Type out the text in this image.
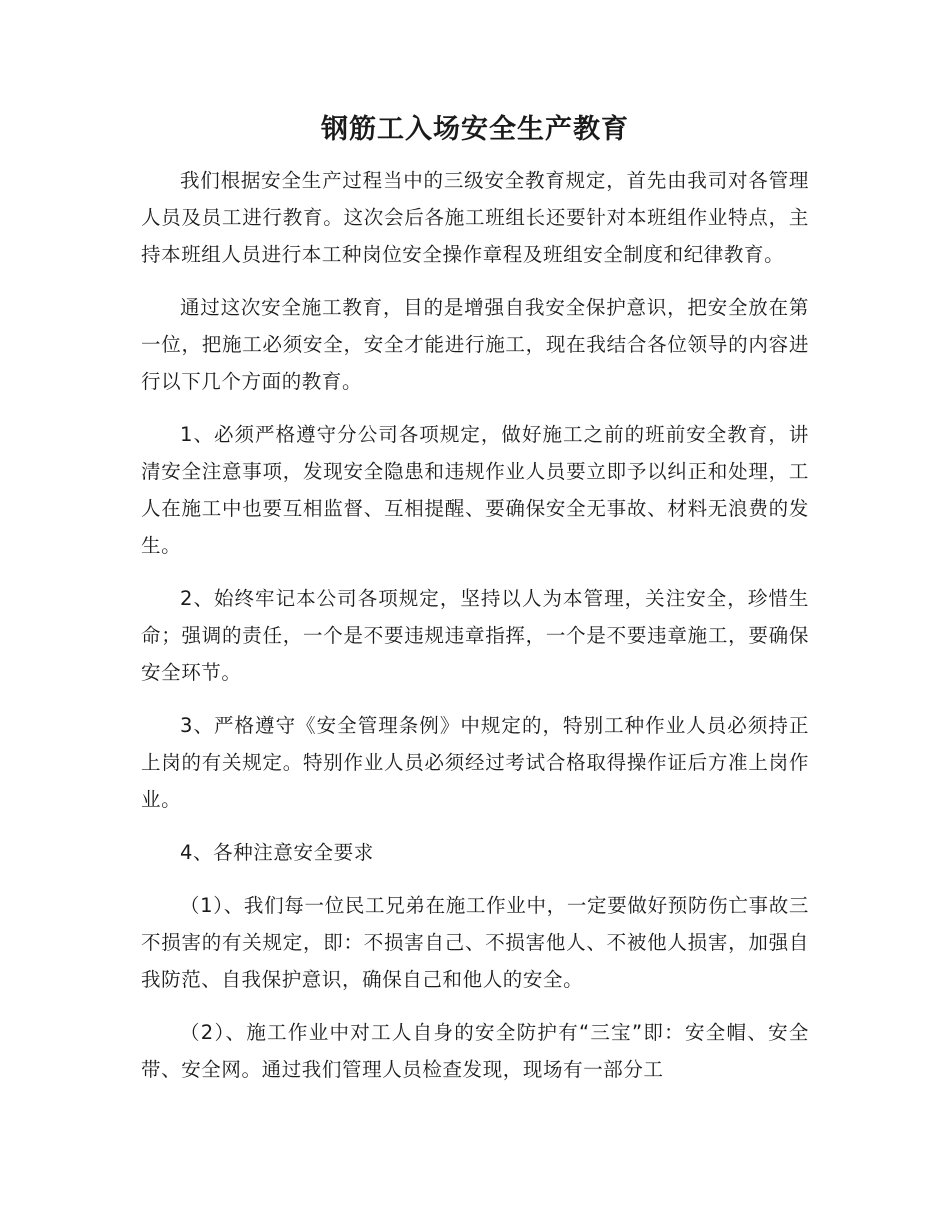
钢筋工入场安全生产教育

我们根据安全生产过程当中的三级安全教育规定，首先由我司对各管理人员及员工进行教育。这次会后各施工班组长还要针对本班组作业特点，主持本班组人员进行本工种岗位安全操作章程及班组安全制度和纪律教育。

通过这次安全施工教育，目的是增强自我安全保护意识，把安全放在第一位，把施工必须安全，安全才能进行施工，现在我结合各位领导的内容进行以下几个方面的教育。

1、必须严格遵守分公司各项规定，做好施工之前的班前安全教育，讲清安全注意事项，发现安全隐患和违规作业人员要立即予以纠正和处理，工人在施工中也要互相监督、互相提醒、要确保安全无事故、材料无浪费的发生。

2、始终牢记本公司各项规定，坚持以人为本管理，关注安全，珍惜生命；强调的责任，一个是不要违规违章指挥，一个是不要违章施工，要确保安全环节。

3、严格遵守《安全管理条例》中规定的，特别工种作业人员必须持正上岗的有关规定。特别作业人员必须经过考试合格取得操作证后方准上岗作业。

4、各种注意安全要求

（1）、我们每一位民工兄弟在施工作业中，一定要做好预防伤亡事故三不损害的有关规定，即：不损害自己、不损害他人、不被他人损害，加强自我防范、自我保护意识，确保自己和他人的安全。

（2）、施工作业中对工人自身的安全防护有“三宝”即：安全帽、安全带、安全网。通过我们管理人员检查发现，现场有一部分工
